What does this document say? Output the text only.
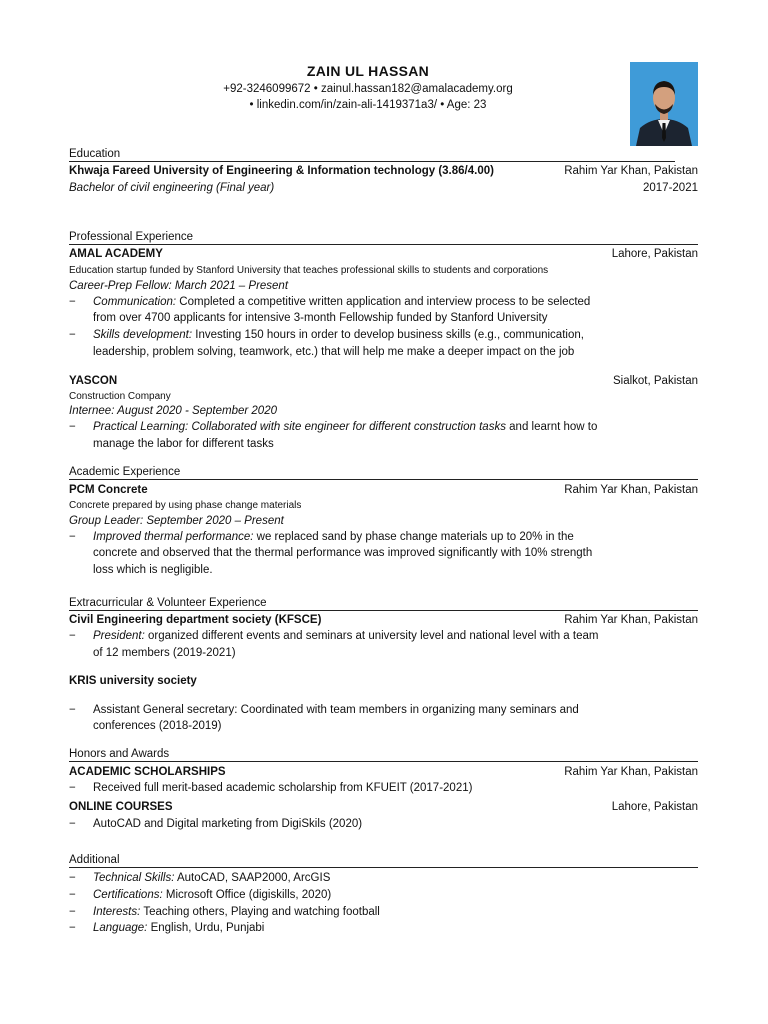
ZAIN UL HASSAN
+92-3246099672 • zainul.hassan182@amalacademy.org
• linkedin.com/in/zain-ali-1419371a3/ • Age: 23
Education
Khwaja Fareed University of Engineering & Information technology (3.86/4.00)	Rahim Yar Khan, Pakistan
Bachelor of civil engineering (Final year)	2017-2021
Professional Experience
AMAL ACADEMY	Lahore, Pakistan
Education startup funded by Stanford University that teaches professional skills to students and corporations
Career-Prep Fellow: March 2021 – Present
− Communication: Completed a competitive written application and interview process to be selected
from over 4700 applicants for intensive 3-month Fellowship funded by Stanford University
− Skills development: Investing 150 hours in order to develop business skills (e.g., communication,
leadership, problem solving, teamwork, etc.) that will help me make a deeper impact on the job
YASCON	Sialkot, Pakistan
Construction Company
Internee: August 2020 - September 2020
− Practical Learning: Collaborated with site engineer for different construction tasks and learnt how to
manage the labor for different tasks
Academic Experience
PCM Concrete	Rahim Yar Khan, Pakistan
Concrete prepared by using phase change materials
Group Leader: September 2020 – Present
− Improved thermal performance: we replaced sand by phase change materials up to 20% in the
concrete and observed that the thermal performance was improved significantly with 10% strength
loss which is negligible.
Extracurricular & Volunteer Experience
Civil Engineering department society (KFSCE)	Rahim Yar Khan, Pakistan
− President: organized different events and seminars at university level and national level with a team
of 12 members (2019-2021)
KRIS university society
− Assistant General secretary: Coordinated with team members in organizing many seminars and
conferences (2018-2019)
Honors and Awards
ACADEMIC SCHOLARSHIPS	Rahim Yar Khan, Pakistan
− Received full merit-based academic scholarship from KFUEIT (2017-2021)
ONLINE COURSES	Lahore, Pakistan
− AutoCAD and Digital marketing from DigiSkils (2020)
Additional
− Technical Skills: AutoCAD, SAAP2000, ArcGIS
− Certifications: Microsoft Office (digiskills, 2020)
− Interests: Teaching others, Playing and watching football
− Language: English, Urdu, Punjabi
